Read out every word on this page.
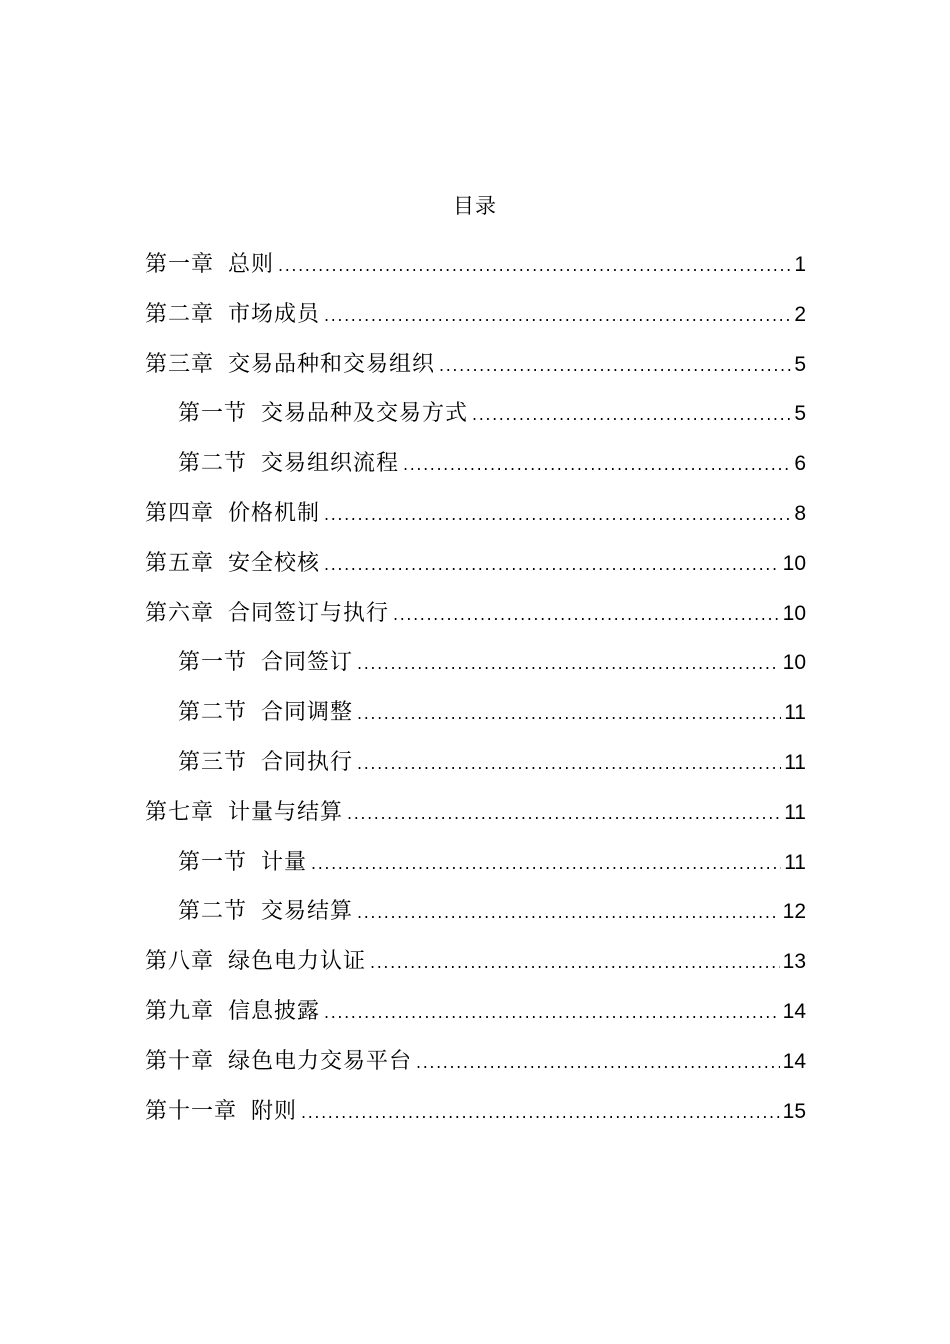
目录
第一章 总则 .....	1
第二章 市场成员 .....	2
第三章 交易品种和交易组织 .....	5
第一节 交易品种及交易方式 .....	5
第二节 交易组织流程 .....	6
第四章 价格机制 .....	8
第五章 安全校核 .....	10
第六章 合同签订与执行 .....	10
第一节 合同签订 .....	10
第二节 合同调整 .....	11
第三节 合同执行 .....	11
第七章 计量与结算 .....	11
第一节 计量 .....	11
第二节 交易结算 .....	12
第八章 绿色电力认证 .....	13
第九章 信息披露 .....	14
第十章 绿色电力交易平台 .....	14
第十一章 附则 .....	15
